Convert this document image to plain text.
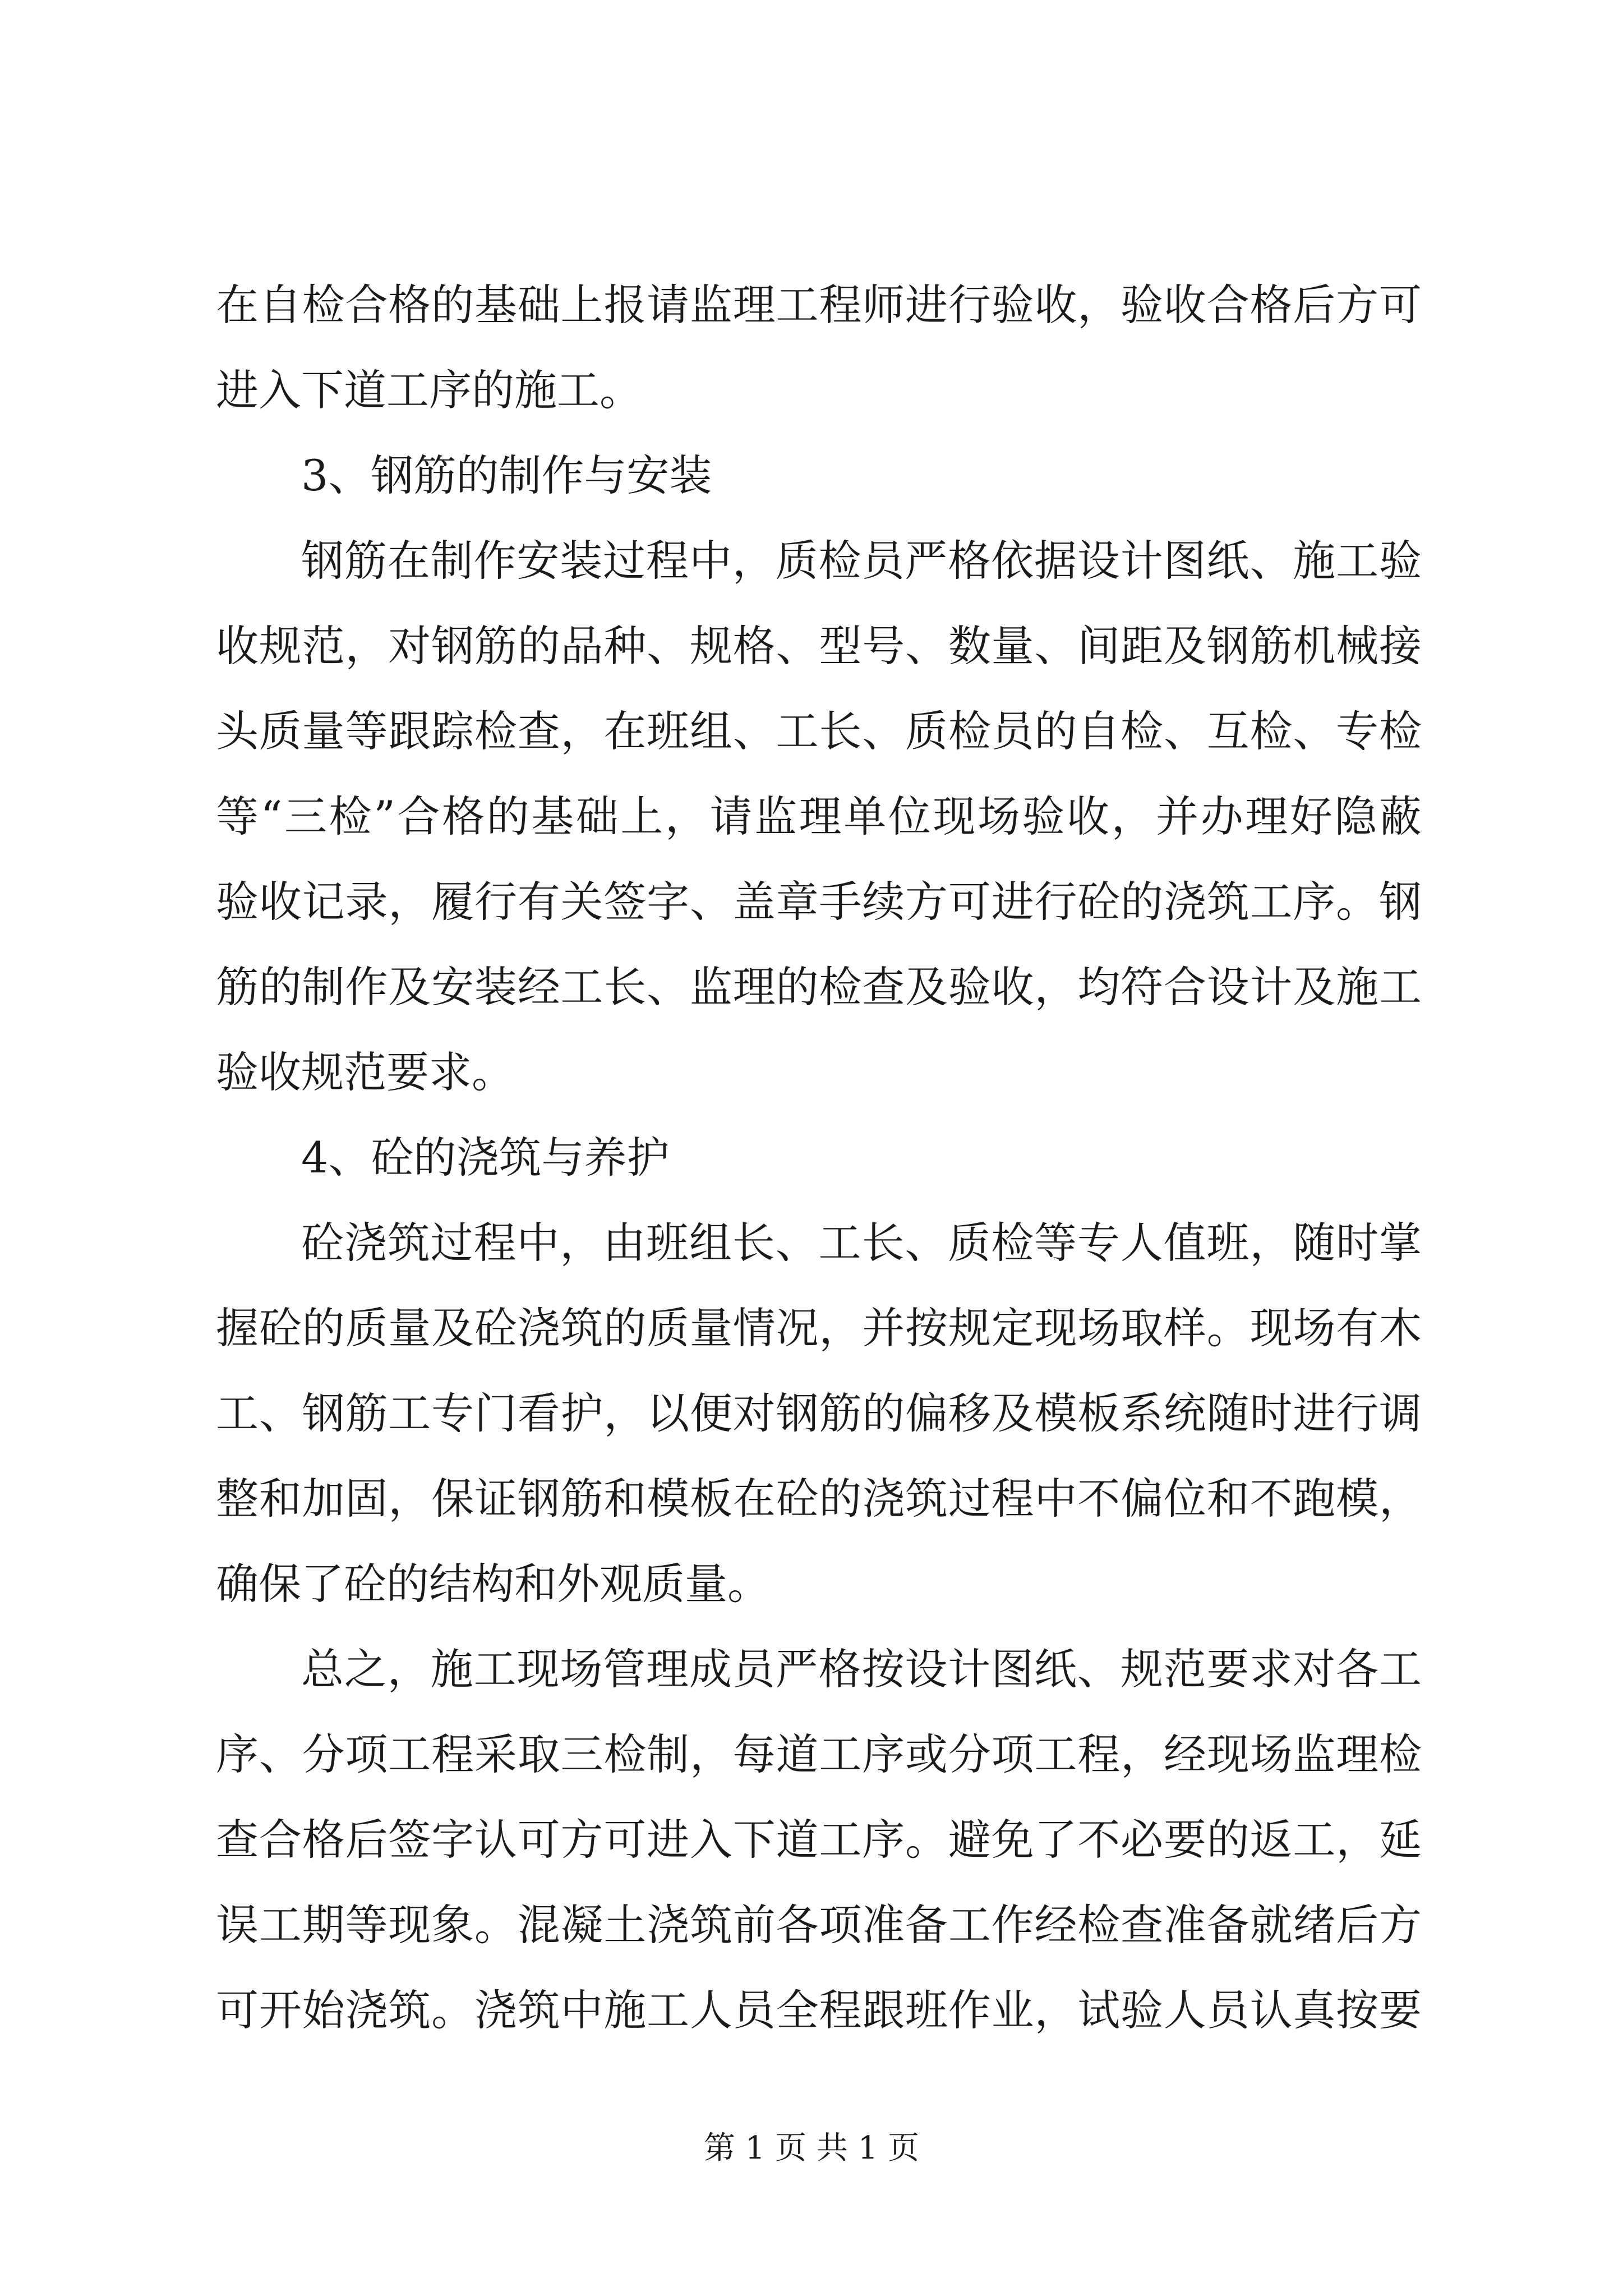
在自检合格的基础上报请监理工程师进行验收，验收合格后方可
进入下道工序的施工。
3、钢筋的制作与安装
钢筋在制作安装过程中，质检员严格依据设计图纸、施工验
收规范，对钢筋的品种、规格、型号、数量、间距及钢筋机械接
头质量等跟踪检查，在班组、工长、质检员的自检、互检、专检
等“三检”合格的基础上，请监理单位现场验收，并办理好隐蔽
验收记录，履行有关签字、盖章手续方可进行砼的浇筑工序。钢
筋的制作及安装经工长、监理的检查及验收，均符合设计及施工
验收规范要求。
4、砼的浇筑与养护
砼浇筑过程中，由班组长、工长、质检等专人值班，随时掌
握砼的质量及砼浇筑的质量情况，并按规定现场取样。现场有木
工、钢筋工专门看护，以便对钢筋的偏移及模板系统随时进行调
整和加固，保证钢筋和模板在砼的浇筑过程中不偏位和不跑模，
确保了砼的结构和外观质量。
总之，施工现场管理成员严格按设计图纸、规范要求对各工
序、分项工程采取三检制，每道工序或分项工程，经现场监理检
查合格后签字认可方可进入下道工序。避免了不必要的返工，延
误工期等现象。混凝土浇筑前各项准备工作经检查准备就绪后方
可开始浇筑。浇筑中施工人员全程跟班作业，试验人员认真按要
第 1 页 共 1 页
